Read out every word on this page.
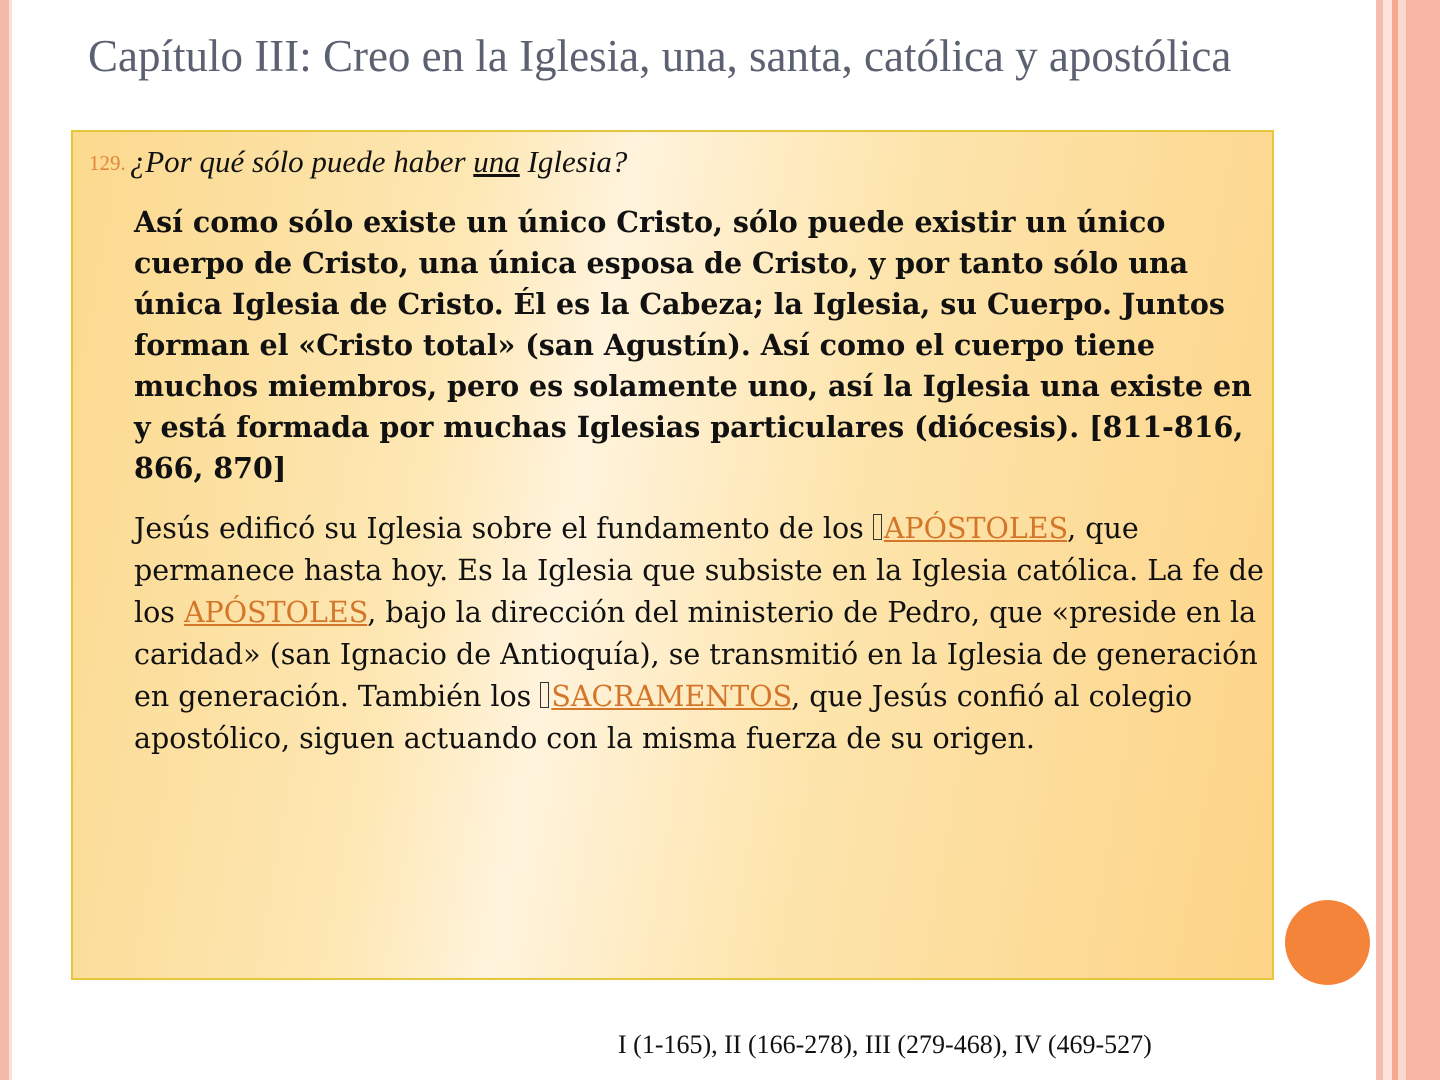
Capítulo III: Creo en la Iglesia, una, santa, católica y apostólica
129. ¿Por qué sólo puede haber una Iglesia?

Así como sólo existe un único Cristo, sólo puede existir un único cuerpo de Cristo, una única esposa de Cristo, y por tanto sólo una única Iglesia de Cristo. Él es la Cabeza; la Iglesia, su Cuerpo. Juntos forman el «Cristo total» (san Agustín). Así como el cuerpo tiene muchos miembros, pero es solamente uno, así la Iglesia una existe en y está formada por muchas Iglesias particulares (diócesis). [811-816, 866, 870]

Jesús edificó su Iglesia sobre el fundamento de los APÓSTOLES, que permanece hasta hoy. Es la Iglesia que subsiste en la Iglesia católica. La fe de los APÓSTOLES, bajo la dirección del ministerio de Pedro, que «preside en la caridad» (san Ignacio de Antioquía), se transmitió en la Iglesia de generación en generación. También los SACRAMENTOS, que Jesús confió al colegio apostólico, siguen actuando con la misma fuerza de su origen.

I (1-165), II (166-278), III (279-468), IV (469-527)
